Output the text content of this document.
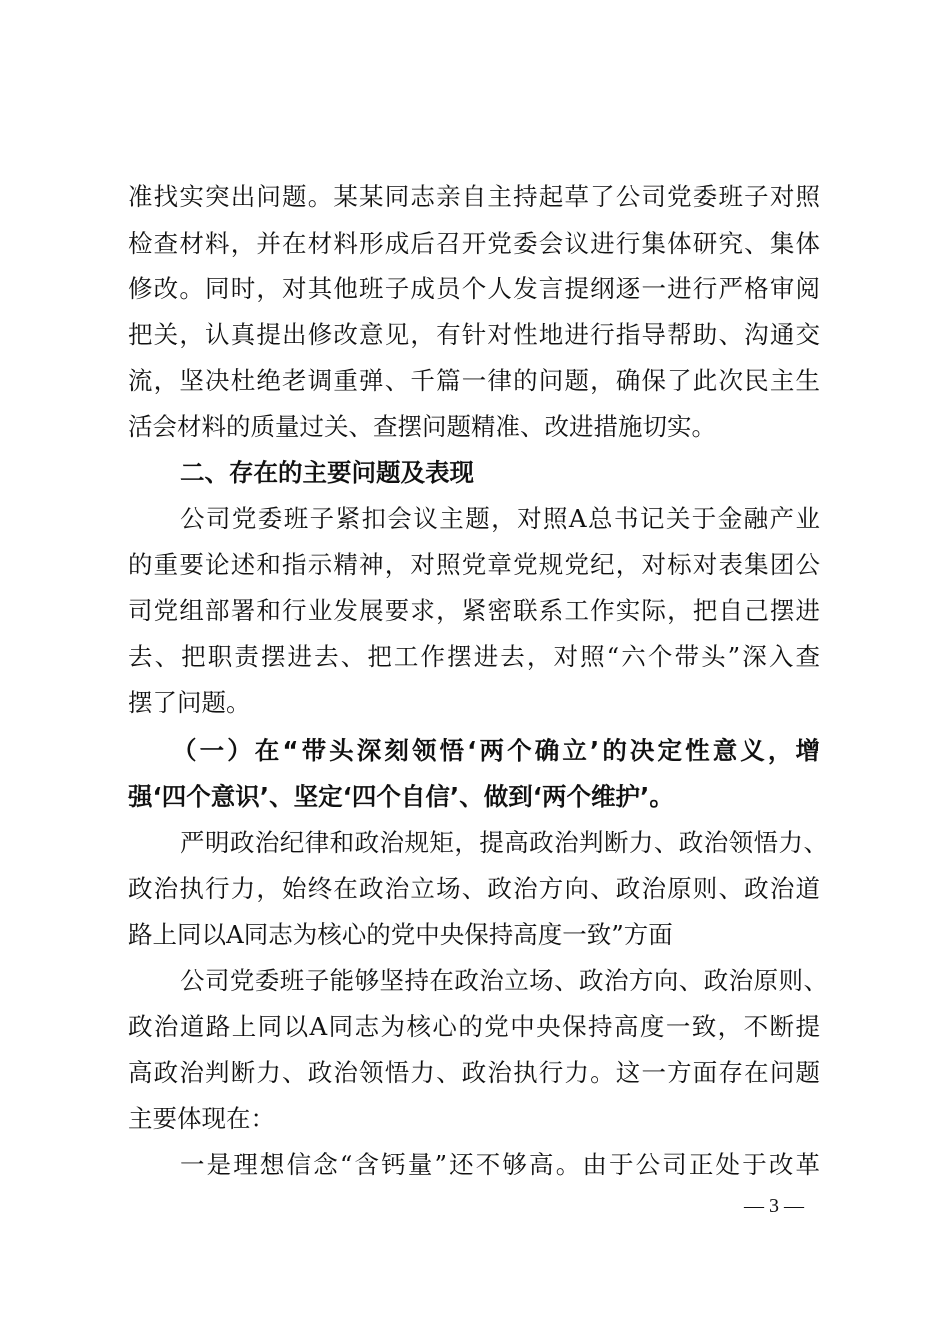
准找实突出问题。某某同志亲自主持起草了公司党委班子对照
检查材料，并在材料形成后召开党委会议进行集体研究、集体
修改。同时，对其他班子成员个人发言提纲逐一进行严格审阅
把关，认真提出修改意见，有针对性地进行指导帮助、沟通交
流，坚决杜绝老调重弹、千篇一律的问题，确保了此次民主生
活会材料的质量过关、查摆问题精准、改进措施切实。
二、存在的主要问题及表现
公司党委班子紧扣会议主题，对照A总书记关于金融产业
的重要论述和指示精神，对照党章党规党纪，对标对表集团公
司党组部署和行业发展要求，紧密联系工作实际，把自己摆进
去、把职责摆进去、把工作摆进去，对照“六个带头”深入查
摆了问题。
（一）在“带头深刻领悟‘两个确立’的决定性意义，增
强‘四个意识’、坚定‘四个自信’、做到‘两个维护’。
严明政治纪律和政治规矩，提高政治判断力、政治领悟力、
政治执行力，始终在政治立场、政治方向、政治原则、政治道
路上同以A同志为核心的党中央保持高度一致”方面
公司党委班子能够坚持在政治立场、政治方向、政治原则、
政治道路上同以A同志为核心的党中央保持高度一致，不断提
高政治判断力、政治领悟力、政治执行力。这一方面存在问题
主要体现在：
一是理想信念“含钙量”还不够高。由于公司正处于改革
— 3 —
